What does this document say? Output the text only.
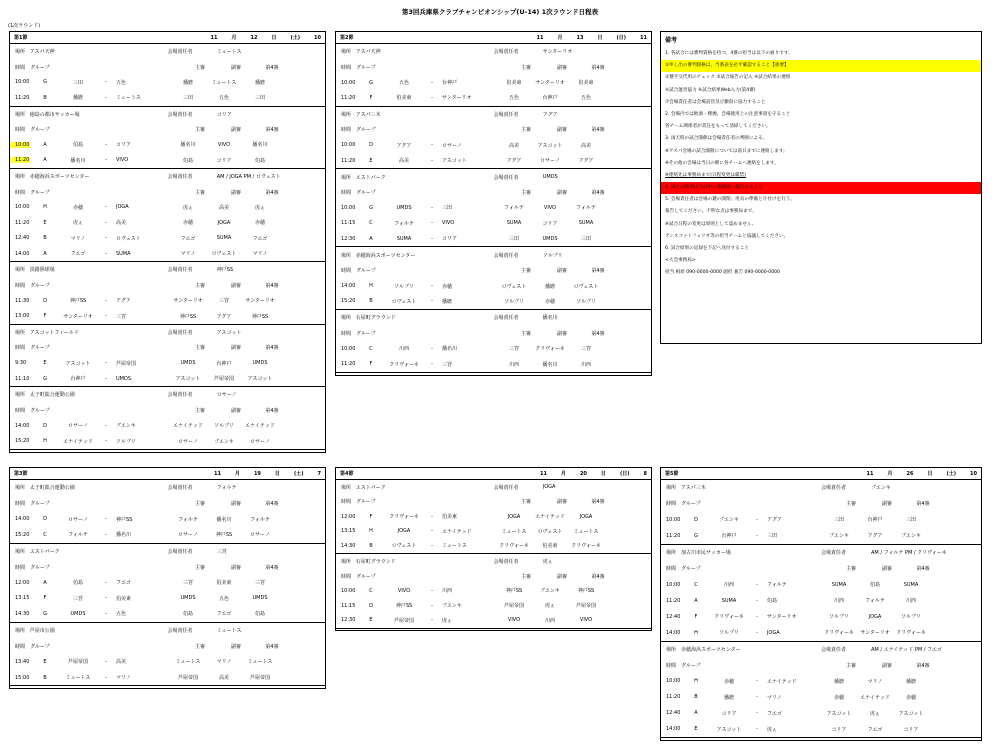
第3回兵庫県クラブチャンピオンシップ(U-14) 1次ラウンド日程表
(1次ラウンド)
第1節	11	月	12	日	(土)	10
場所 アスパ天神	会場責任者	ミュートス
時間 グループ	主審	副審	第4審
10:00	G	三田	-	五色	播磨	ミュートス	播磨
11:20	B	播磨	-	ミュートス	三田	五色	三田
場所 徳島の都市サッカー場	会場責任者	コリア
時間 グループ	主審	副審	第4審
10:00	A	伯島	-	コリア	播名川	VIVO	播名川
11:20	A	播名川	-	VIVO	伯島	コリア	伯島
場所 赤穂海浜スポーツセンター	会場責任者	AM / JOGA PM / ロヴェスト
時間 グループ	主審	副審	第4審
10:00	H	赤穂	-	JOGA	虎ぇ	高美	虎ぇ
11:20	E	虎ぇ	-	高美	赤穂	JOGA	赤穂
12:40	B	マリノ	-	ロヴェスト	フエゴ	SUMA	フエゴ
14:00	A	フエゴ	-	SUMA	マリノ	ロヴェスト	マリノ
場所 淡路陸球場	会場責任者	神戸SS
時間 グループ	主審	副審	第4審
11:30	D	神戸SS	-	アグア	サンターリオ	三宮	サンターリオ
13:00	F	サンターリオ	-	三宮	神戸SS	アグア	神戸SS
場所 アスコットフィールド	会場責任者	アスコット
時間 グループ	主審	副審	第4審
9:30	E	アスコット	-	芦屋帝国	UMDS	台神戸	UMDS
11:10	G	台神戸	-	UMDS	アスコット	芦屋帝国	アスコット
場所 太子町総合運動公園	会場責任者	ロサーノ
時間 グループ	主審	副審	第4審
14:00	D	ロサーノ	-	ブエンキ	エナイテッド	ソルプリ	エナイテッド
15:20	H	エナイテッド	-	ソルプリ	ロサーノ	ブエンキ	ロサーノ
第2節	11	月	13	日	(日)	11
場所 アスパ天神	会場責任者	サンターリオ
時間 グループ	主審	副審	第4審
10:00	G	五色	-	台神戸	伯美東	サンターリオ	伯美東
11:20	F	伯美東	-	サンターリオ	五色	台神戸	五色
場所 アスパ三木	会場責任者	アグア
時間 グループ	主審	副審	第4審
10:00	D	アグア	-	ロサーノ	高美	アスコット	高美
11:20	E	高美	-	アスコット	アグア	ロサーノ	アグア
場所 エストパーク	会場責任者	UMDS
時間 グループ	主審	副審	第4審
10:00	G	UMDS	-	三田	フォルテ	VIVO	フォルテ
11:15	C	フォルテ	-	VIVO	SUMA	コリア	SUMA
12:30	A	SUMA	-	コリア	三田	UMDS	三田
場所 赤穂海浜スポーツセンター	会場責任者	ソルプリ
時間 グループ	主審	副審	第4審
14:00	H	ソルプリ	-	赤穂	ロヴェスト	播磨	ロヴェスト
15:20	B	ロヴェスト	-	播磨	ソルプリ	赤穂	ソルプリ
場所 石屋町グラウンド	会場責任者	播名川
時間 グループ	主審	副審	第4審
10:00	C	川西	-	播名川	三宮	クリヴォーネ	三宮
11:20	F	クリヴォーネ	-	三宮	川西	播名川	川西
第3節	11	月	19	日	(土)	7
場所 太子町総合運動公園	会場責任者	フォルテ
時間 グループ	主審	副審	第4審
14:00	D	ロサーノ	-	神戸SS	フォルテ	播名川	フォルテ
15:20	C	フォルテ	-	播名川	ロサーノ	神戸SS	ロサーノ
場所 エストパーク	会場責任者	三宮
時間 グループ	主審	副審	第4審
12:00	A	伯島	-	フエゴ	三宮	伯美東	三宮
13:15	F	三宮	-	伯美東	UMDS	五色	UMDS
14:30	G	UMDS	-	五色	伯島	フエゴ	伯島
場所 芦屋市公園	会場責任者	ミュートス
時間 グループ	主審	副審	第4審
13:40	E	芦屋帝国	-	高美	ミュートス	マリノ	ミュートス
15:00	B	ミュートス	-	マリノ	芦屋帝国	高美	芦屋帝国
第4節	11	月	20	日	(日)	8
場所 エストパーク	会場責任者	JOGA
時間 グループ	主審	副審	第4審
12:00	F	クリヴォーネ	-	伯美東	JOGA	エナイテッド	JOGA
13:15	H	JOGA	-	エナイテッド	ミュートス	ロヴェスト	ミュートス
14:30	B	ロヴェスト	-	ミュートス	クリヴォーネ	伯美東	クリヴォーネ
場所 石屋町グラウンド	会場責任者	虎ぇ
時間 グループ	主審	副審	第4審
10:00	C	VIVO	-	川西	神戸SS	ブエンキ	神戸SS
11:15	D	神戸SS	-	ブエンキ	芦屋帝国	虎ぇ	芦屋帝国
12:30	E	芦屋帝国	-	虎ぇ	VIVO	川西	VIVO
第5節	11	月	26	日	(土)	10
場所 アスパ三木	会場責任者	ブエンキ
時間 グループ	主審	副審	第4審
10:00	D	ブエンキ	-	アグア	三田	台神戸	三田
11:20	G	台神戸	-	三田	ブエンキ	アグア	ブエンキ
場所 加古川市民サッカー場	会場責任者	AM / フォルテ PM / クリヴォーネ
時間 グループ	主審	副審	第4審
10:00	C	川西	-	フォルテ	SUMA	伯島	SUMA
11:20	A	SUMA	-	伯島	川西	フォルテ	川西
12:40	F	クリヴォーネ	-	サンターリオ	ソルプリ	JOGA	ソルプリ
14:00	H	ソルプリ	-	JOGA	クリヴォーネ	サンターリオ	クリヴォーネ
場所 赤穂海浜スポーツセンター	会場責任者	AM / エナイテッド PM / フエゴ
時間 グループ	主審	副審	第4審
10:00	H	赤穂	-	エナイテッド	播磨	マリノ	播磨
11:20	B	播磨	-	マリノ	赤穂	エナイテッド	赤穂
12:40	A	コリア	-	フエゴ	アスコット	虎ぇ	アスコット
14:00	E	アスコット	-	虎ぇ	コリア	フエゴ	コリア
備考
1. 各試合には審判資格を持つ、4審の担当は以下の通りです。
①申し出の審判資格は、当番表を必ず確認すること【重要】
②選手交代用のチェック ③試合報告の記入 ④試合結果の連絡
⑤試合運営協力 ⑥試合結果Web入力(第4審)
⑦会場責任者は会場設営及び撤収に協力すること
2. 会場内では飲酒・喫煙、会場使用上の注意事項を守ること
各チーム関係者が責任をもって清掃してください。
3. 雨天時の試合開催は会場責任者の判断による。
※アスパ会場の試合開催については前日までに連絡します。
※その他の会場は当日の朝に各チームへ連絡をします。
※連絡先は事務局まで(日程変更は厳禁)
4. 試合の結果は当日中に事務局へ報告すること
5. 会場責任者は会場の鍵の開閉、用具の準備と片付けを行う。
報告してください。不明な点は事務局まで。
※試合日程の変更は原則として認めません。
アンスコットフォリオ等の担当チームと協議してください。
6. 試合結果の記録を下記へ送付すること
<大会事務局>
担当 相原 090-0000-0000 副担 兼吉 090-0000-0000
